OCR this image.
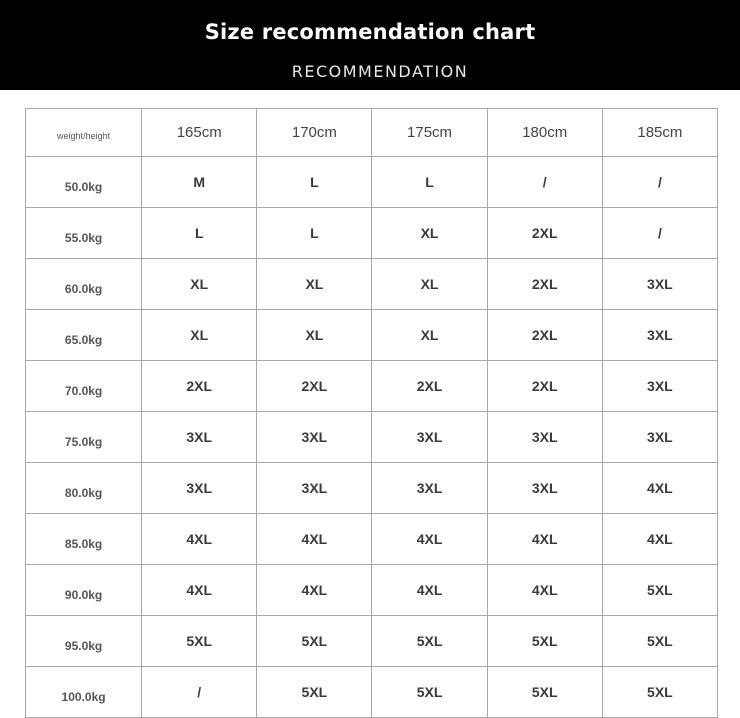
Size recommendation chart
RECOMMENDATION
weight/height	165cm	170cm	175cm	180cm	185cm
50.0kg	M	L	L	/	/
55.0kg	L	L	XL	2XL	/
60.0kg	XL	XL	XL	2XL	3XL
65.0kg	XL	XL	XL	2XL	3XL
70.0kg	2XL	2XL	2XL	2XL	3XL
75.0kg	3XL	3XL	3XL	3XL	3XL
80.0kg	3XL	3XL	3XL	3XL	4XL
85.0kg	4XL	4XL	4XL	4XL	4XL
90.0kg	4XL	4XL	4XL	4XL	5XL
95.0kg	5XL	5XL	5XL	5XL	5XL
100.0kg	/	5XL	5XL	5XL	5XL
